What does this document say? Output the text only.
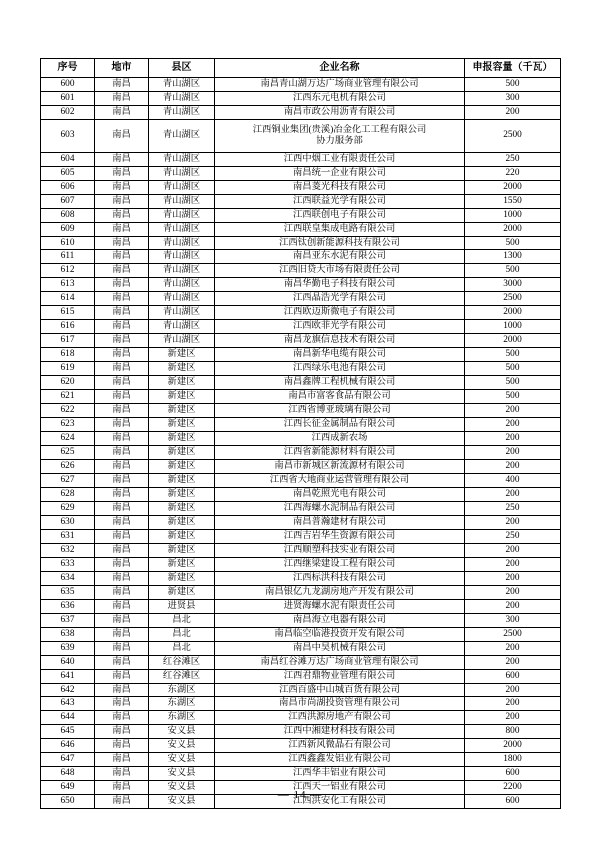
序号	地市	县区	企业名称	申报容量（千瓦）
600	南昌	青山湖区	南昌青山湖万达广场商业管理有限公司	500
601	南昌	青山湖区	江西东元电机有限公司	300
602	南昌	青山湖区	南昌市政公用沥青有限公司	200
603	南昌	青山湖区	江西铜业集团(贵溪)冶金化工工程有限公司
协力服务部	2500
604	南昌	青山湖区	江西中烟工业有限责任公司	250
605	南昌	青山湖区	南昌统一企业有限公司	220
606	南昌	青山湖区	南昌菱光科技有限公司	2000
607	南昌	青山湖区	江西联益光学有限公司	1550
608	南昌	青山湖区	江西联创电子有限公司	1000
609	南昌	青山湖区	江西联皇集成电路有限公司	2000
610	南昌	青山湖区	江西钛创新能源科技有限公司	500
611	南昌	青山湖区	南昌亚东水泥有限公司	1300
612	南昌	青山湖区	江西旧贷大市场有限责任公司	500
613	南昌	青山湖区	南昌华勤电子科技有限公司	3000
614	南昌	青山湖区	江西晶浩光学有限公司	2500
615	南昌	青山湖区	江西欧迈斯微电子有限公司	2000
616	南昌	青山湖区	江西欧菲光学有限公司	1000
617	南昌	青山湖区	南昌龙旗信息技术有限公司	2000
618	南昌	新建区	南昌新华电缆有限公司	500
619	南昌	新建区	江西绿乐电池有限公司	500
620	南昌	新建区	南昌鑫牌工程机械有限公司	500
621	南昌	新建区	南昌市富客食品有限公司	500
622	南昌	新建区	江西省博亚玻璃有限公司	200
623	南昌	新建区	江西长征金属制品有限公司	200
624	南昌	新建区	江西成新农场	200
625	南昌	新建区	江西省新能源材料有限公司	200
626	南昌	新建区	南昌市新城区新流源材有限公司	200
627	南昌	新建区	江西省大地商业运营管理有限公司	400
628	南昌	新建区	南昌乾照光电有限公司	200
629	南昌	新建区	江西海螺水泥制品有限公司	250
630	南昌	新建区	南昌普瀚建材有限公司	200
631	南昌	新建区	江西吉岩华生资源有限公司	250
632	南昌	新建区	江西顺塑科技实业有限公司	200
633	南昌	新建区	江西继梁建设工程有限公司	200
634	南昌	新建区	江西标洪科技有限公司	200
635	南昌	新建区	南昌银亿九龙湖房地产开发有限公司	200
636	南昌	进贤县	进贤海螺水泥有限责任公司	200
637	南昌	昌北	南昌海立电器有限公司	300
638	南昌	昌北	南昌临空临港投资开发有限公司	2500
639	南昌	昌北	南昌中昊机械有限公司	200
640	南昌	红谷滩区	南昌红谷滩万达广场商业管理有限公司	200
641	南昌	红谷滩区	江西君鼎物业管理有限公司	600
642	南昌	东湖区	江西百盛中山城百货有限公司	200
643	南昌	东湖区	南昌市尚湖投资管理有限公司	200
644	南昌	东湖区	江西洪源房地产有限公司	200
645	南昌	安义县	江西中湘建材科技有限公司	800
646	南昌	安义县	江西新风微晶石有限公司	2000
647	南昌	安义县	江西鑫鑫发铝业有限公司	1800
648	南昌	安义县	江西华丰铝业有限公司	600
649	南昌	安义县	江西天一铝业有限公司	2200
650	南昌	安义县	江西洪安化工有限公司	600
— 14 —
